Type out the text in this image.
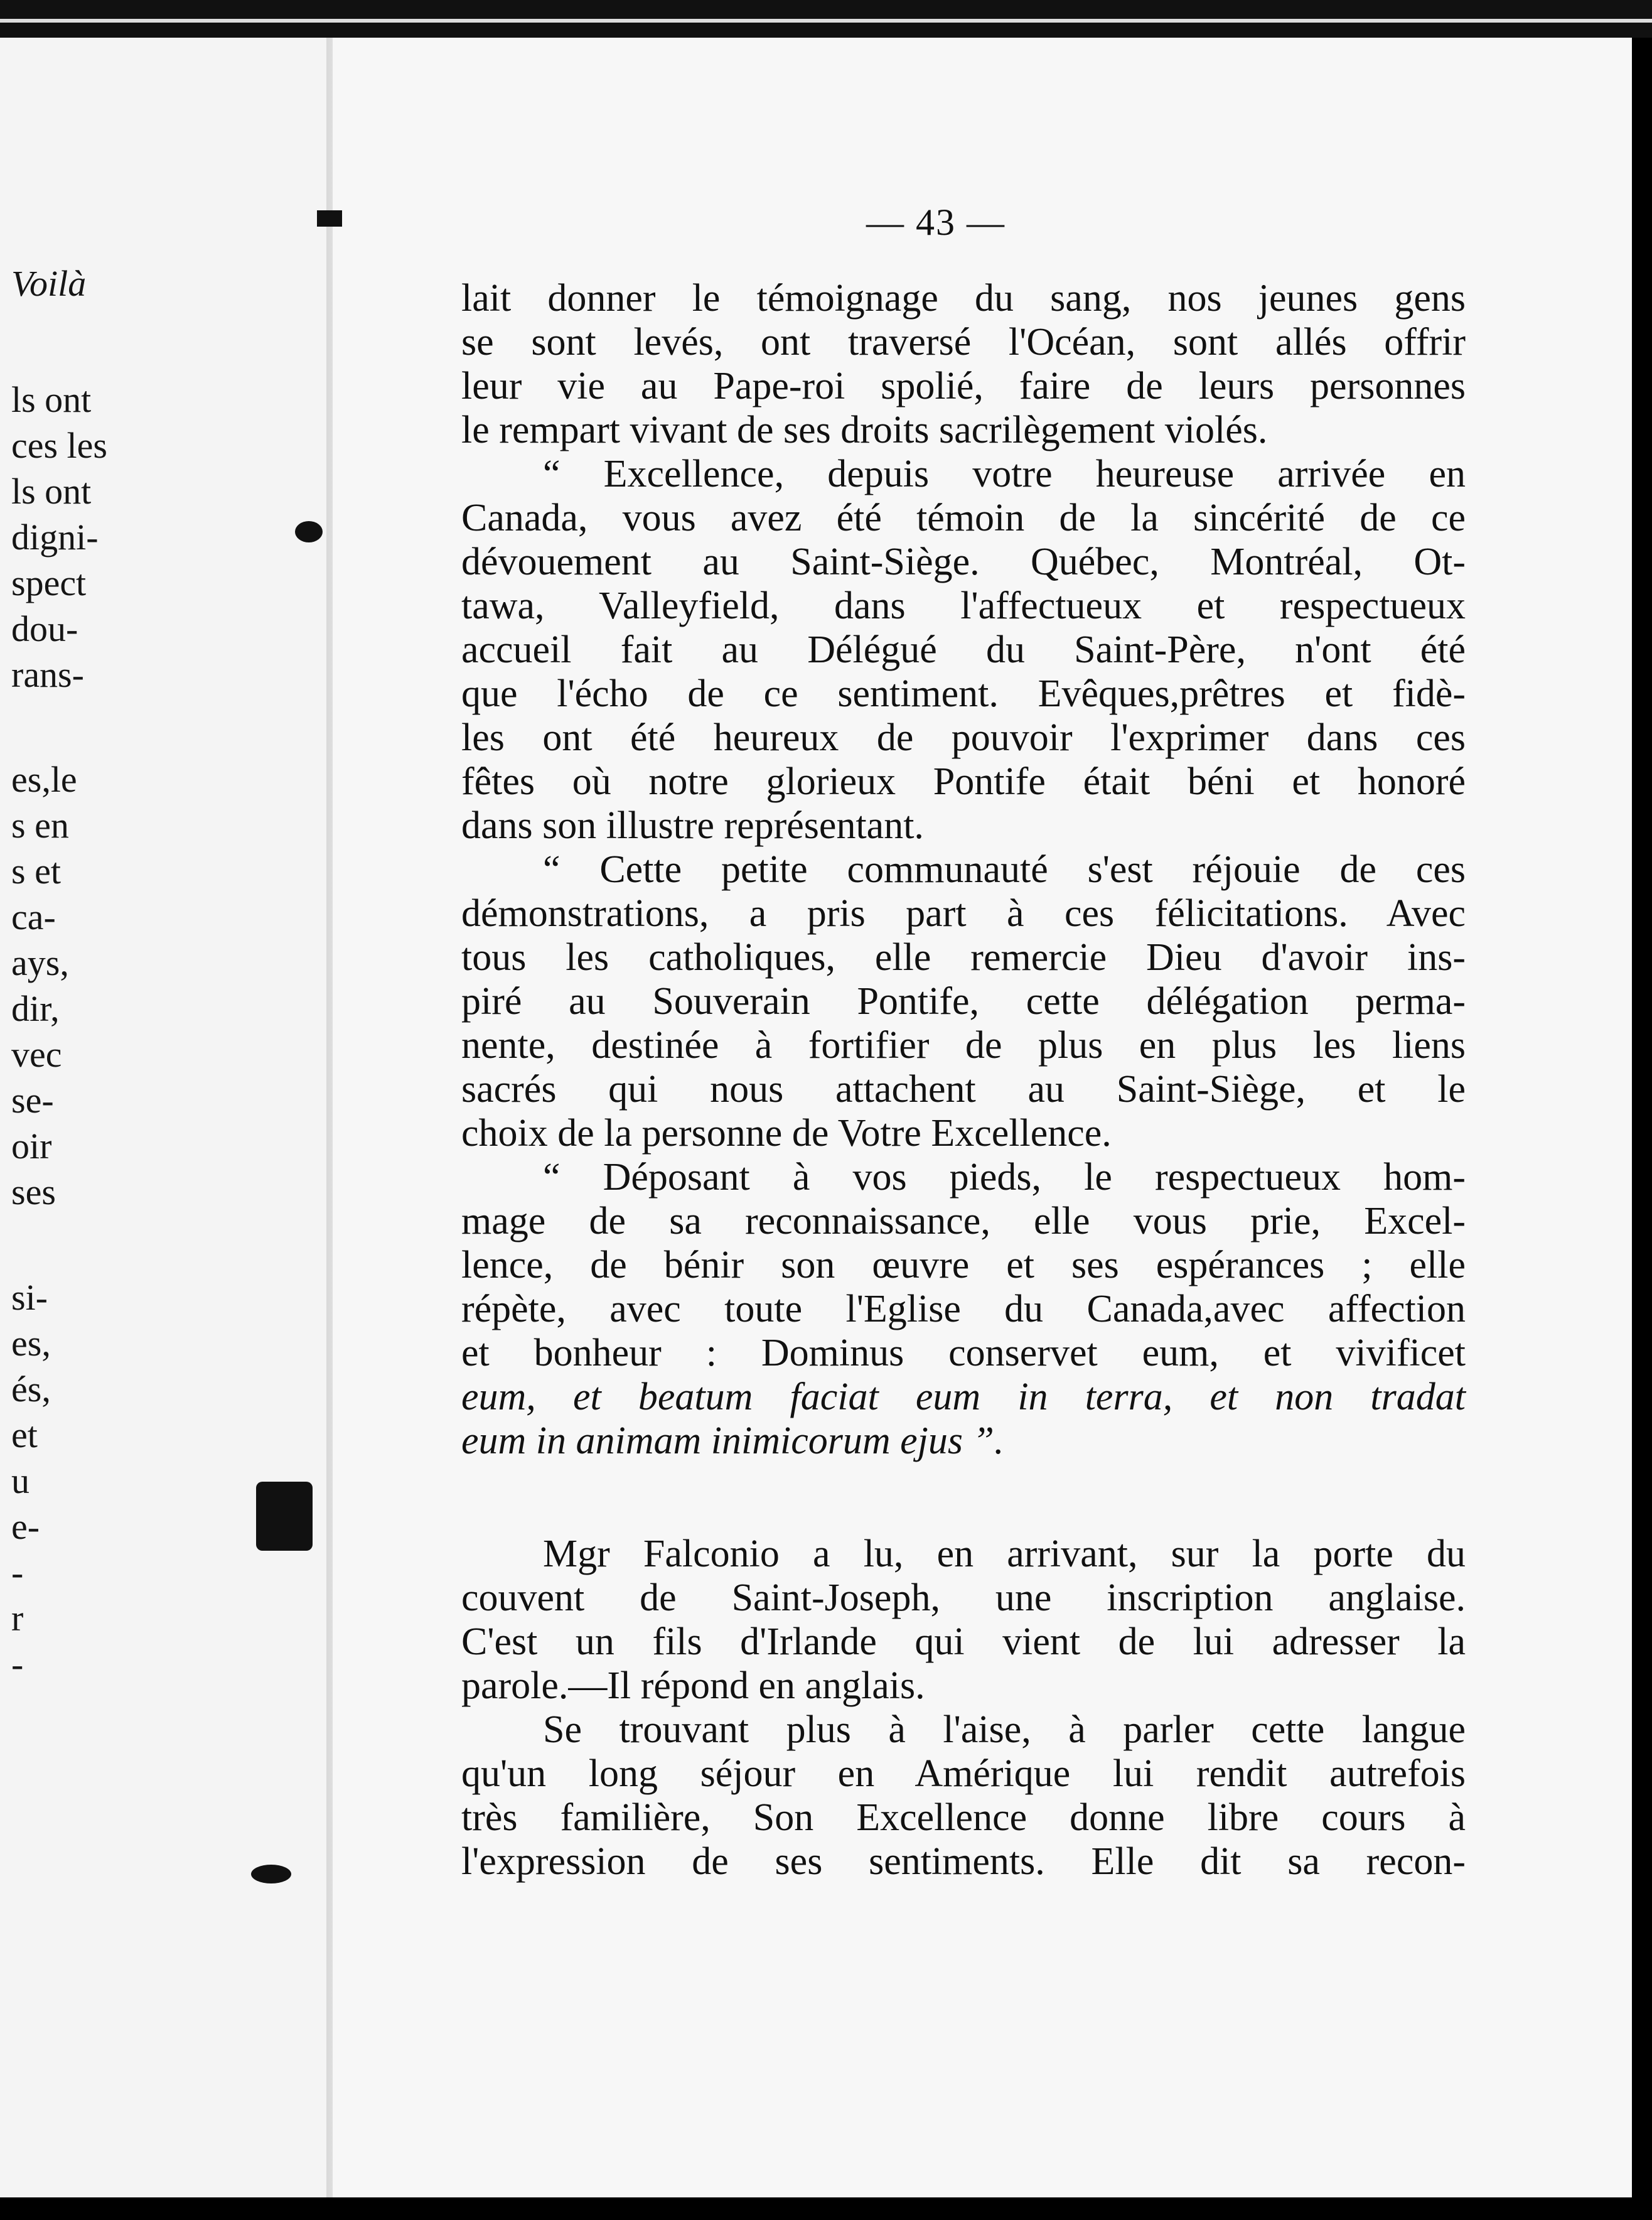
Voilà
ls ont
ces les
ls ont
digni-
spect
dou-
rans-
es,le
s en
s et
ca-
ays,
dir,
vec
se-
oir
ses
si-
es,
és,
et
u
e-
-
r
-
— 43 —
lait donner le témoignage du sang, nos jeunes gens
se sont levés, ont traversé l'Océan, sont allés offrir
leur vie au Pape-roi spolié, faire de leurs personnes
le rempart vivant de ses droits sacrilègement violés.
“ Excellence, depuis votre heureuse arrivée en
Canada, vous avez été témoin de la sincérité de ce
dévouement au Saint-Siège. Québec, Montréal, Ot-
tawa, Valleyfield, dans l'affectueux et respectueux
accueil fait au Délégué du Saint-Père, n'ont été
que l'écho de ce sentiment. Evêques,prêtres et fidè-
les ont été heureux de pouvoir l'exprimer dans ces
fêtes où notre glorieux Pontife était béni et honoré
dans son illustre représentant.
“ Cette petite communauté s'est réjouie de ces
démonstrations, a pris part à ces félicitations. Avec
tous les catholiques, elle remercie Dieu d'avoir ins-
piré au Souverain Pontife, cette délégation perma-
nente, destinée à fortifier de plus en plus les liens
sacrés qui nous attachent au Saint-Siège, et le
choix de la personne de Votre Excellence.
“ Déposant à vos pieds, le respectueux hom-
mage de sa reconnaissance, elle vous prie, Excel-
lence, de bénir son œuvre et ses espérances ; elle
répète, avec toute l'Eglise du Canada,avec affection
et bonheur : Dominus conservet eum, et vivificet
eum, et beatum faciat eum in terra, et non tradat
eum in animam inimicorum ejus ”.
Mgr Falconio a lu, en arrivant, sur la porte du
couvent de Saint-Joseph, une inscription anglaise.
C'est un fils d'Irlande qui vient de lui adresser la
parole.—Il répond en anglais.
Se trouvant plus à l'aise, à parler cette langue
qu'un long séjour en Amérique lui rendit autrefois
très familière, Son Excellence donne libre cours à
l'expression de ses sentiments. Elle dit sa recon-
